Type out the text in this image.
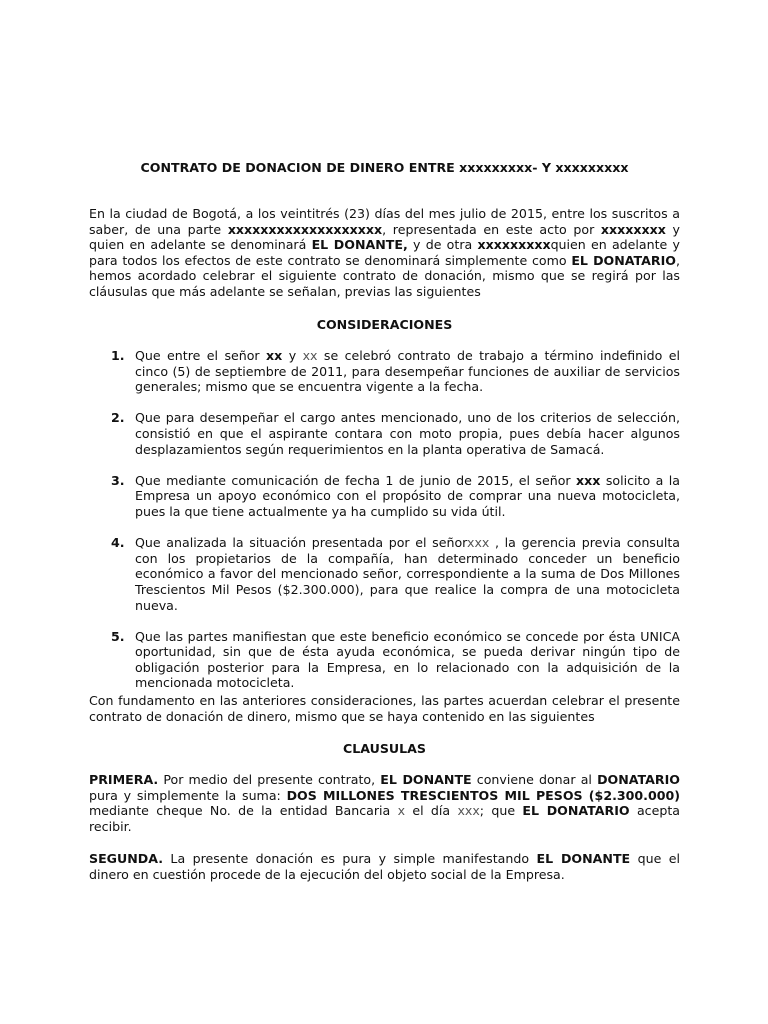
CONTRATO DE DONACION DE DINERO ENTRE xxxxxxxxx- Y xxxxxxxxx

En la ciudad de Bogotá, a los veintitrés (23) días del mes julio de 2015, entre los suscritos a saber, de una parte xxxxxxxxxxxxxxxxxxx, representada en este acto por xxxxxxxx y quien en adelante se denominará EL DONANTE, y de otra xxxxxxxxxquien en adelante y para todos los efectos de este contrato se denominará simplemente como EL DONATARIO, hemos acordado celebrar el siguiente contrato de donación, mismo que se regirá por las cláusulas que más adelante se señalan, previas las siguientes

CONSIDERACIONES
1. Que entre el señor xx y xx se celebró contrato de trabajo a término indefinido el cinco (5) de septiembre de 2011, para desempeñar funciones de auxiliar de servicios generales; mismo que se encuentra vigente a la fecha.
2. Que para desempeñar el cargo antes mencionado, uno de los criterios de selección, consistió en que el aspirante contara con moto propia, pues debía hacer algunos desplazamientos según requerimientos en la planta operativa de Samacá.
3. Que mediante comunicación de fecha 1 de junio de 2015, el señor xxx solicito a la Empresa un apoyo económico con el propósito de comprar una nueva motocicleta, pues la que tiene actualmente ya ha cumplido su vida útil.
4. Que analizada la situación presentada por el señorxxx , la gerencia previa consulta con los propietarios de la compañía, han determinado conceder un beneficio económico a favor del mencionado señor, correspondiente a la suma de Dos Millones Trescientos Mil Pesos ($2.300.000), para que realice la compra de una motocicleta nueva.
5. Que las partes manifiestan que este beneficio económico se concede por ésta UNICA oportunidad, sin que de ésta ayuda económica, se pueda derivar ningún tipo de obligación posterior para la Empresa, en lo relacionado con la adquisición de la mencionada motocicleta.

Con fundamento en las anteriores consideraciones, las partes acuerdan celebrar el presente contrato de donación de dinero, mismo que se haya contenido en las siguientes

CLAUSULAS

PRIMERA. Por medio del presente contrato, EL DONANTE conviene donar al DONATARIO pura y simplemente la suma: DOS MILLONES TRESCIENTOS MIL PESOS ($2.300.000) mediante cheque No. de la entidad Bancaria x el día xxx; que EL DONATARIO acepta recibir.

SEGUNDA. La presente donación es pura y simple manifestando EL DONANTE que el dinero en cuestión procede de la ejecución del objeto social de la Empresa.
